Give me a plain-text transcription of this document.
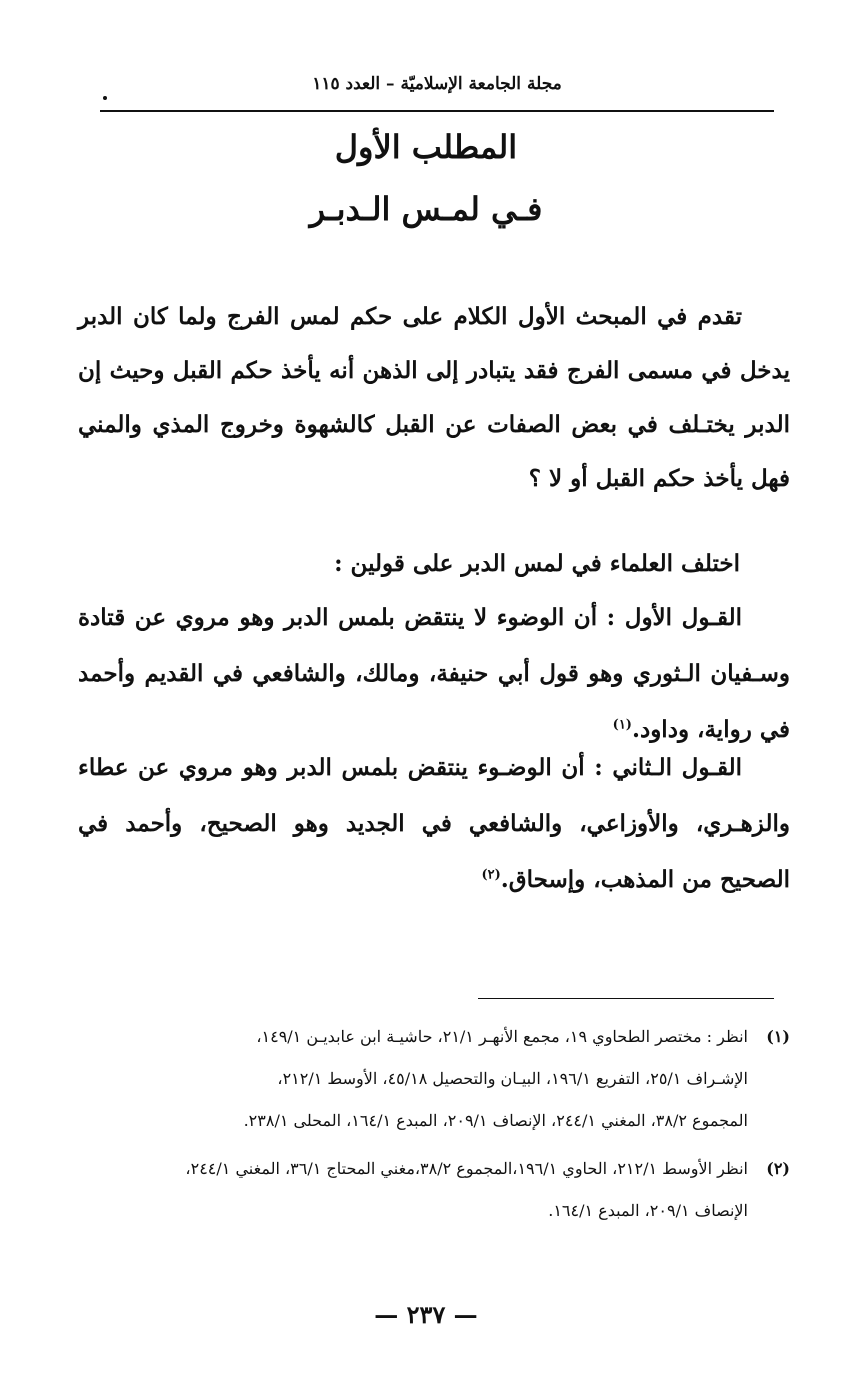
مجلة الجامعة الإسلاميّة – العدد ١١٥
المطلب الأول
فـي لمـس الـدبـر
تقدم في المبحث الأول الكلام على حكم لمس الفرج ولما كان الدبر يدخل في مسمى الفرج فقد يتبادر إلى الذهن أنه يأخذ حكم القبل وحيث إن الدبر يختـلف في بعض الصفات عن القبل كالشهوة وخروج المذي والمني فهل يأخذ حكم القبل أو لا ؟
اختلف العلماء في لمس الدبر على قولين :
القـول الأول : أن الوضوء لا ينتقض بلمس الدبر وهو مروي عن قتادة وسـفيان الـثوري وهو قول أبي حنيفة، ومالك، والشافعي في القديم وأحمد في رواية، وداود.$^{(١)}$
القـول الـثاني : أن الوضـوء ينتقض بلمس الدبر وهو مروي عن عطاء والزهـري، والأوزاعي، والشافعي في الجديد وهو الصحيح، وأحمد في الصحيح من المذهب، وإسحاق.$^{(٢)}$
(١)انظر : مختصر الطحاوي ١٩، مجمع الأنهـر ٢١/١، حاشيـة ابن عابديـن ١٤٩/١،
الإشـراف ٢٥/١، التفريع ١٩٦/١، البيـان والتحصيل ٤٥/١٨، الأوسط ٢١٢/١،
المجموع ٣٨/٢، المغني ٢٤٤/١، الإنصاف ٢٠٩/١، المبدع ١٦٤/١، المحلى ٢٣٨/١.
(٢)انظر الأوسط ٢١٢/١، الحاوي ١٩٦/١،المجموع ٣٨/٢،مغني المحتاج ٣٦/١، المغني ٢٤٤/١،
الإنصاف ٢٠٩/١، المبدع ١٦٤/١.
— ٢٣٧ —
